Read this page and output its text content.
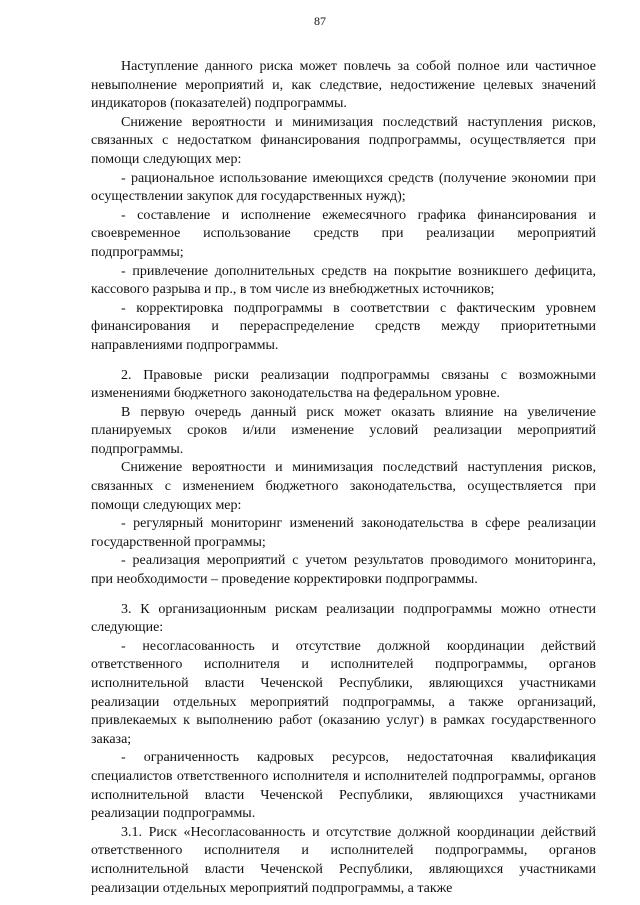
87

Наступление данного риска может повлечь за собой полное или частичное невыполнение мероприятий и, как следствие, недостижение целевых значений индикаторов (показателей) подпрограммы.

Снижение вероятности и минимизация последствий наступления рисков, связанных с недостатком финансирования подпрограммы, осуществляется при помощи следующих мер:

- рациональное использование имеющихся средств (получение экономии при осуществлении закупок для государственных нужд);

- составление и исполнение ежемесячного графика финансирования и своевременное использование средств при реализации мероприятий подпрограммы;

- привлечение дополнительных средств на покрытие возникшего дефицита, кассового разрыва и пр., в том числе из внебюджетных источников;

- корректировка подпрограммы в соответствии с фактическим уровнем финансирования и перераспределение средств между приоритетными направлениями подпрограммы.

2. Правовые риски реализации подпрограммы связаны с возможными изменениями бюджетного законодательства на федеральном уровне.

В первую очередь данный риск может оказать влияние на увеличение планируемых сроков и/или изменение условий реализации мероприятий подпрограммы.

Снижение вероятности и минимизация последствий наступления рисков, связанных с изменением бюджетного законодательства, осуществляется при помощи следующих мер:

- регулярный мониторинг изменений законодательства в сфере реализации государственной программы;

- реализация мероприятий с учетом результатов проводимого мониторинга, при необходимости – проведение корректировки подпрограммы.

3. К организационным рискам реализации подпрограммы можно отнести следующие:

- несогласованность и отсутствие должной координации действий ответственного исполнителя и исполнителей подпрограммы, органов исполнительной власти Чеченской Республики, являющихся участниками реализации отдельных мероприятий подпрограммы, а также организаций, привлекаемых к выполнению работ (оказанию услуг) в рамках государственного заказа;

- ограниченность кадровых ресурсов, недостаточная квалификация специалистов ответственного исполнителя и исполнителей подпрограммы, органов исполнительной власти Чеченской Республики, являющихся участниками реализации подпрограммы.

3.1. Риск «Несогласованность и отсутствие должной координации действий ответственного исполнителя и исполнителей подпрограммы, органов исполнительной власти Чеченской Республики, являющихся участниками реализации отдельных мероприятий подпрограммы, а также
